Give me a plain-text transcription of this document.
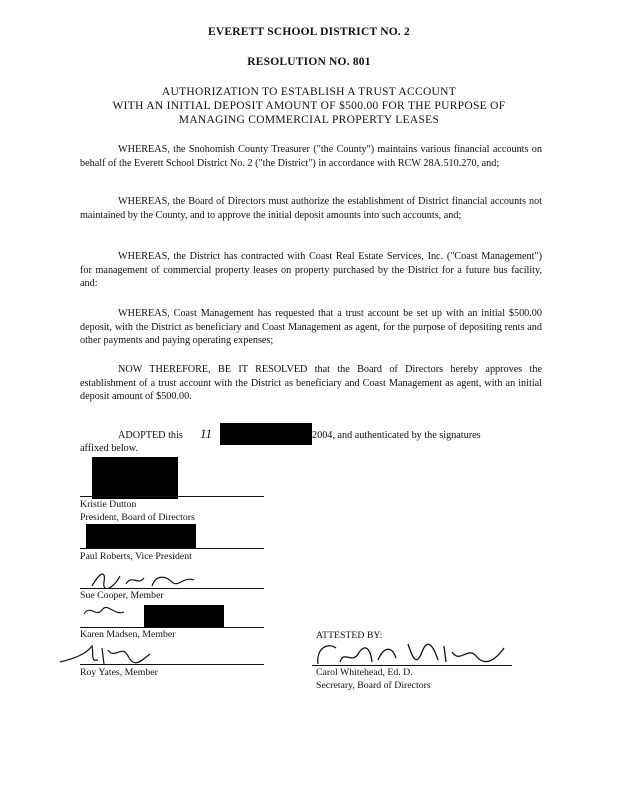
EVERETT SCHOOL DISTRICT NO. 2
RESOLUTION NO. 801
AUTHORIZATION TO ESTABLISH A TRUST ACCOUNT
WITH AN INITIAL DEPOSIT AMOUNT OF $500.00 FOR THE PURPOSE OF
MANAGING COMMERCIAL PROPERTY LEASES
WHEREAS, the Snohomish County Treasurer ("the County") maintains various financial accounts on behalf of the Everett School District No. 2 ("the District") in accordance with RCW 28A.510.270, and;
WHEREAS, the Board of Directors must authorize the establishment of District financial accounts not maintained by the County, and to approve the initial deposit amounts into such accounts, and;
WHEREAS, the District has contracted with Coast Real Estate Services, Inc. ("Coast Management") for management of commercial property leases on property purchased by the District for a future bus facility, and:
WHEREAS, Coast Management has requested that a trust account be set up with an initial $500.00 deposit, with the District as beneficiary and Coast Management as agent, for the purpose of depositing rents and other payments and paying operating expenses;
NOW THEREFORE, BE IT RESOLVED that the Board of Directors hereby approves the establishment of a trust account with the District as beneficiary and Coast Management as agent, with an initial deposit amount of $500.00.
ADOPTED this 11	2004, and authenticated by the signatures
affixed below.
Kristie Dutton
President, Board of Directors
Paul Roberts, Vice President
Sue Cooper, Member
Karen Madsen, Member
Roy Yates, Member
ATTESTED BY:
Carol Whitehead, Ed. D.
Secretary, Board of Directors
